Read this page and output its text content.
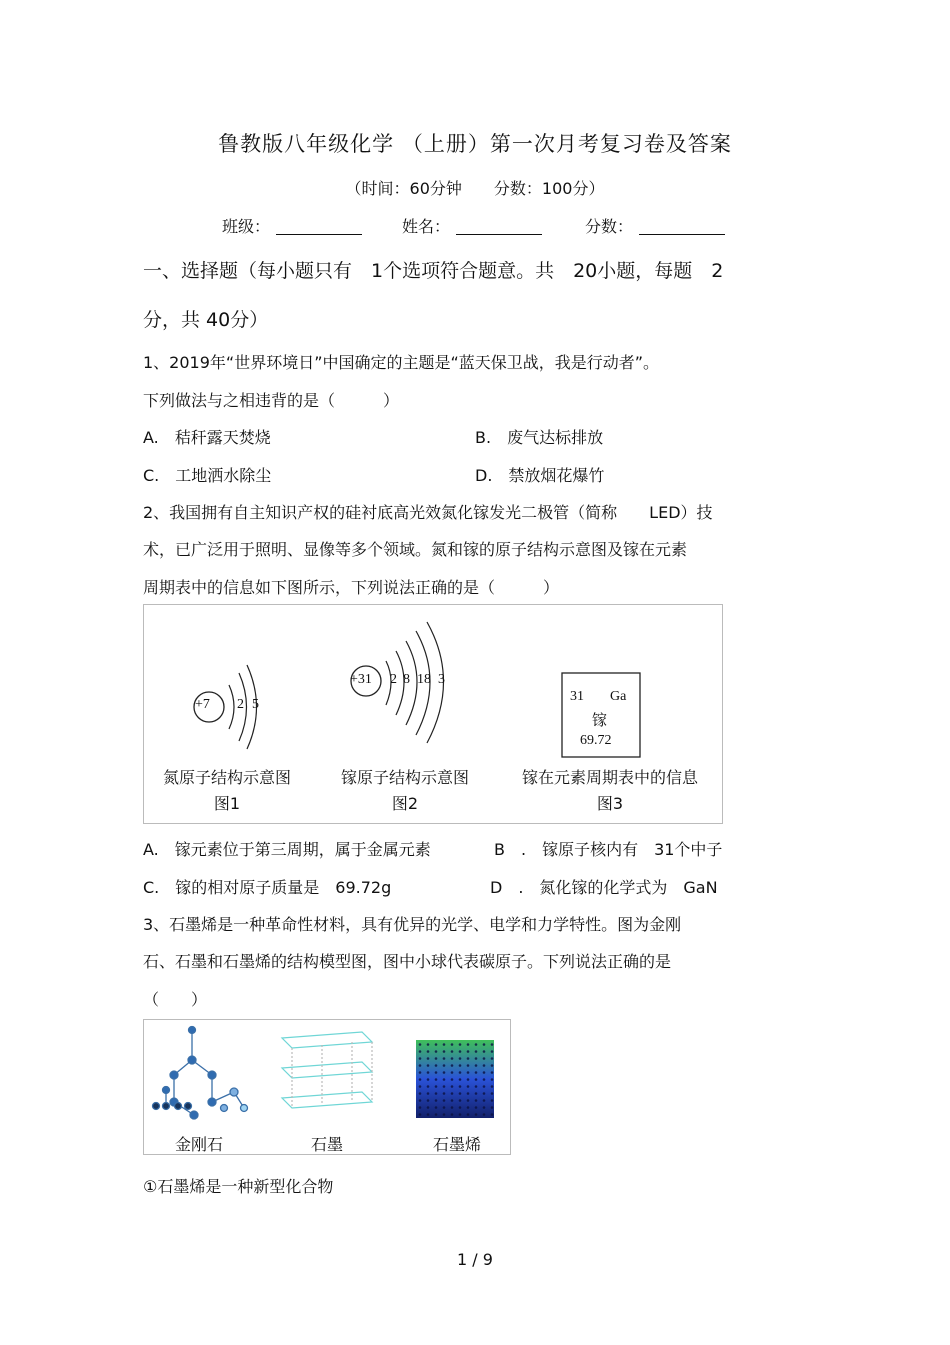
鲁教版八年级化学 （上册）第一次月考复习卷及答案
（时间：60分钟　　分数：100分）
班级：	姓名：	分数：
一、选择题（每小题只有　1个选项符合题意。共　20小题，每题　2
分，共 40分）
1、2019年“世界环境日”中国确定的主题是“蓝天保卫战，我是行动者”。
下列做法与之相违背的是（　　　）
A.　秸秆露天焚烧	B.　废气达标排放
C.　工地洒水除尘	D.　禁放烟花爆竹
2、我国拥有自主知识产权的硅衬底高光效氮化镓发光二极管（简称　　LED）技
术，已广泛用于照明、显像等多个领域。氮和镓的原子结构示意图及镓在元素
周期表中的信息如下图所示，下列说法正确的是（　　　）
+7 2 5
+31 2 8 18 3
31 Ga
镓
69.72
氮原子结构示意图
图1
镓原子结构示意图
图2
镓在元素周期表中的信息
图3
A.　镓元素位于第三周期，属于金属元素	B　.　镓原子核内有　31个中子
C.　镓的相对原子质量是　69.72g	D　.　氮化镓的化学式为　GaN
3、石墨烯是一种革命性材料，具有优异的光学、电学和力学特性。图为金刚
石、石墨和石墨烯的结构模型图，图中小球代表碳原子。下列说法正确的是
（　　）
金刚石	石墨	石墨烯
①石墨烯是一种新型化合物
1 / 9
